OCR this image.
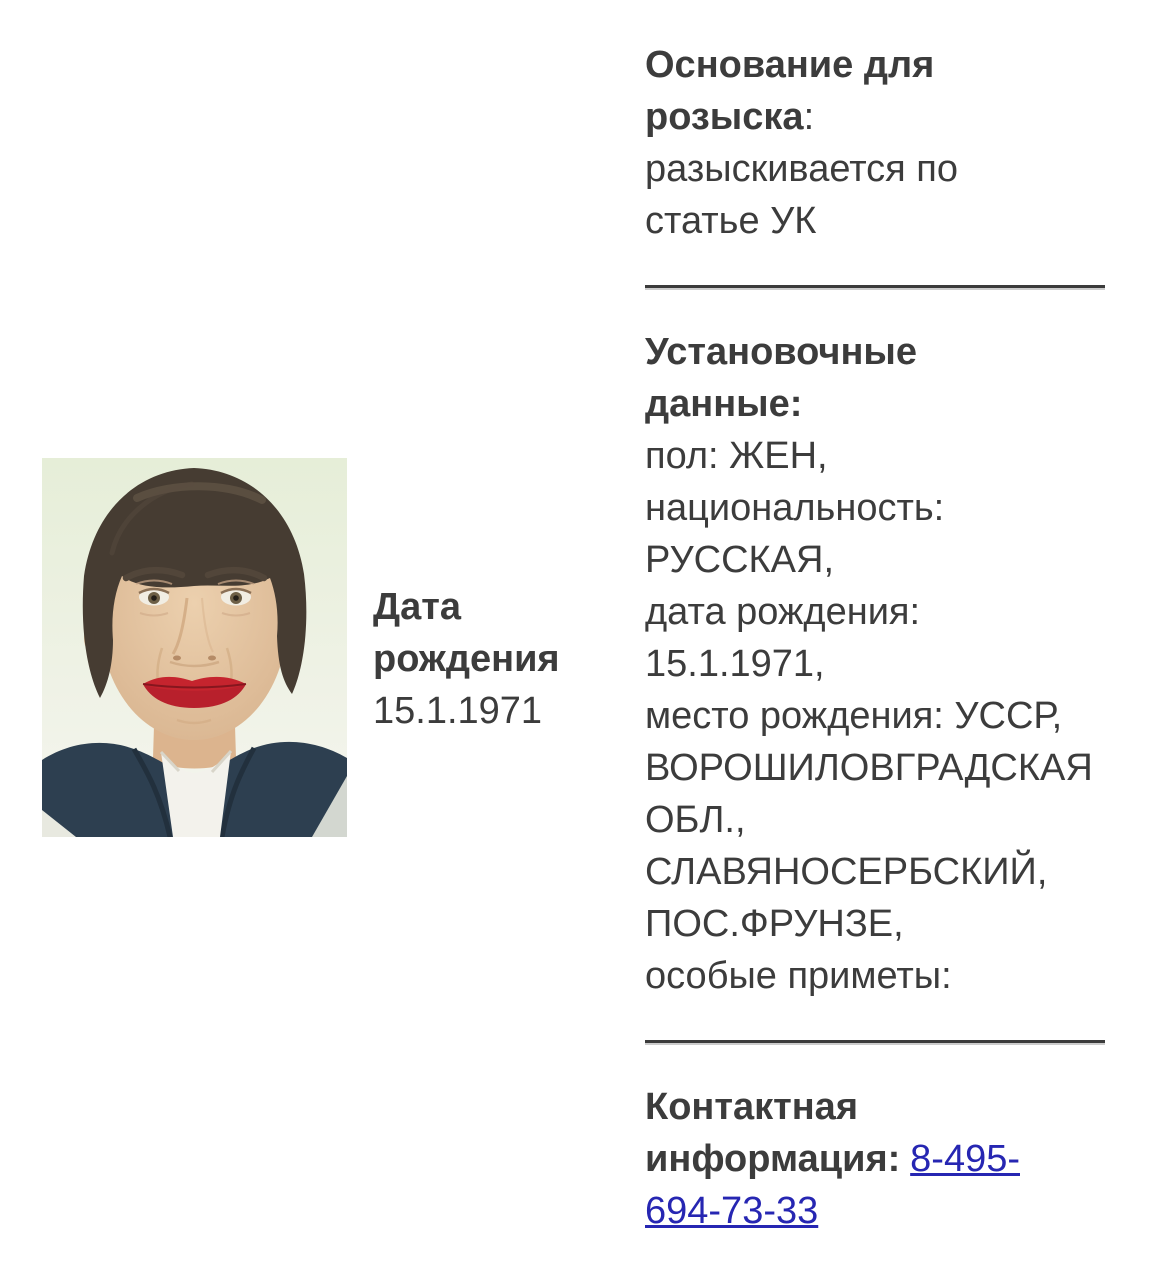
Дата рождения
15.1.1971
Основание для
розыска:
разыскивается по
статье УК
Установочные
данные:
пол: ЖЕН,
национальность:
РУССКАЯ,
дата рождения:
15.1.1971,
место рождения: УССР,
ВОРОШИЛОВГРАДСКАЯ
ОБЛ.,
СЛАВЯНОСЕРБСКИЙ,
ПОС.ФРУНЗЕ,
особые приметы:
Контактная
информация: 8-495-
694-73-33
